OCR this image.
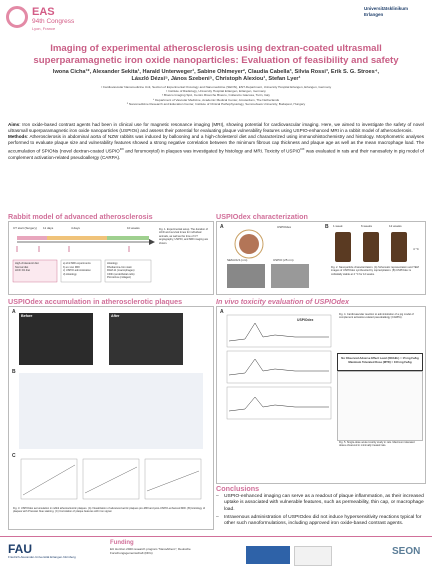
EAS
94th Congress
Lyon, France
Universitätsklinikum Erlangen
Imaging of experimental atherosclerosis using dextran-coated ultrasmall
superparamagnetic iron oxide nanoparticles: Evaluation of feasibility and safety
Iwona Cicha¹*, Alexander Sekita¹, Harald Unterweger¹, Sabine Ohlmeyer², Claudia Cabella³, Silvia Rossi³, Erik S. G. Stroes⁴,
László Dézsi⁵, János Szebeni⁵, Christoph Alexiou¹, Stefan Lyer¹
¹ Cardiovascular Nanomedicine Unit, Section of Experimental Oncology and Nanomedicine (SEON), ENT-Department, University Hospital Erlangen, Erlangen, Germany
² Institute of Radiology, University Hospital Erlangen, Erlangen, Germany
³ Bracco Imaging SpA, Centro Ricerche Bracco, Colleretto Giacosa, Turin, Italy
⁴ Department of Vascular Medicine, Academic Medical Center, Amsterdam, The Netherlands
⁵ Nanomedicine Research and Education Center, Institute of Clinical Pathophysiology, Semmelweis University, Budapest, Hungary
Aims: Iron oxide-based contrast agents had been in clinical use for magnetic resonance imaging (MRI), showing potential for cardiovascular imaging. Here, we aimed to investigate the safety of novel ultrasmall superparamagnetic iron oxide nanoparticles (USPIOs) and assess their potential for evaluating plaque vulnerability features using USPIO-enhanced MRI in a rabbit model of atherosclerosis.
Methods: Atherosclerosis in abdominal aorta of NZW rabbits was induced by ballooning and a high-cholesterol diet and characterized using immunohistochemistry and histology. Morphometric analyses performed to evaluate plaque size and vulnerability features showed a strong negative correlation between the minimum fibrous cap thickness and plaque age as well as the mean macrophage load. The accumulation of SPIONs (novel dextran-coated $USPIO^{DX}$ and ferumoxytol) in plaques was investigated by histology and MRI. Toxicity of $USPIO^{DX}$ was evaluated in rats and their nanosafety in pig model of complement activation-related pseudoallergy (CARPA).
Rabbit model of advanced atherosclerosis
CT start (Surgery) 11 days	4 days	10 weeks
High-cholesterol diet
Normal diet
HCD 1% diet
a) 2nd MRI experiments
b) ex vivo MRI
c) USPIO administration
d) Histology
Histology
Rhodamine-Iron stain
RAM-11 (macrophages)
CD31 (endothelial cells)
Picrosirius (collagen)
Fig. 1. Experimental setup. The duration of HCD and survival times for individual animals, as well as the time of CT angiography, USPIO, and MRI imaging are shown.
USPIOdex characterization
A	B 1 week	6 weeks	12 weeks
4 °C
SEM-DLS (nm)	USPIO (25 nm)
USPIOdex
Fig. 2. Nanoparticle characterization. (A) Schematic representation and TEM images of USPIOdex synthesized by coprecipitation. (B) USPIOdex is colloidally stable at 4 °C for 12 weeks.
USPIOdex accumulation in atherosclerotic plaques
A
Before	After
B
C
Fig. 3. USPIOdex accumulation in rabbit atherosclerotic plaques. (A) Visualization of advanced aortic plaques pre-MRI and post-USPIO-enhanced MRI. (B) Histology of plaques with Prussian blue staining. (C) Correlation of plaque features with iron signal.
In vivo toxicity evaluation of USPIOdex
A
USPIOdex
Fig. 4. Cardiovascular reaction to administration of a pig model of complement activation-related pseudoallergy (CARPA).
No Observed Adverse Effect Level (NOAEL) = 15 mg Fe/kg
Maximum Tolerated Dose (MTD) = 100 mg Fe/kg
Fig. 5. Single-dose acute toxicity study in rats. Maximum tolerated doses observed in minimally treated rats.
Conclusions
– USPIO-enhanced imaging can serve as a readout of plaque inflammation, as their increased uptake is associated with vulnerable features, such as permeability, thin cap, or macrophage load.
– Intravenous administration of USPIOdex did not induce hypersensitivity reactions typical for other such nanoformulations, including approved iron oxide-based contrast agents.
FAU
Friedrich-Alexander-Universität Erlangen-Nürnberg
Funding
EU Horizon 2020 research program "NanoAthero"; Deutsche Forschungsgemeinschaft (DFG)	SEON
